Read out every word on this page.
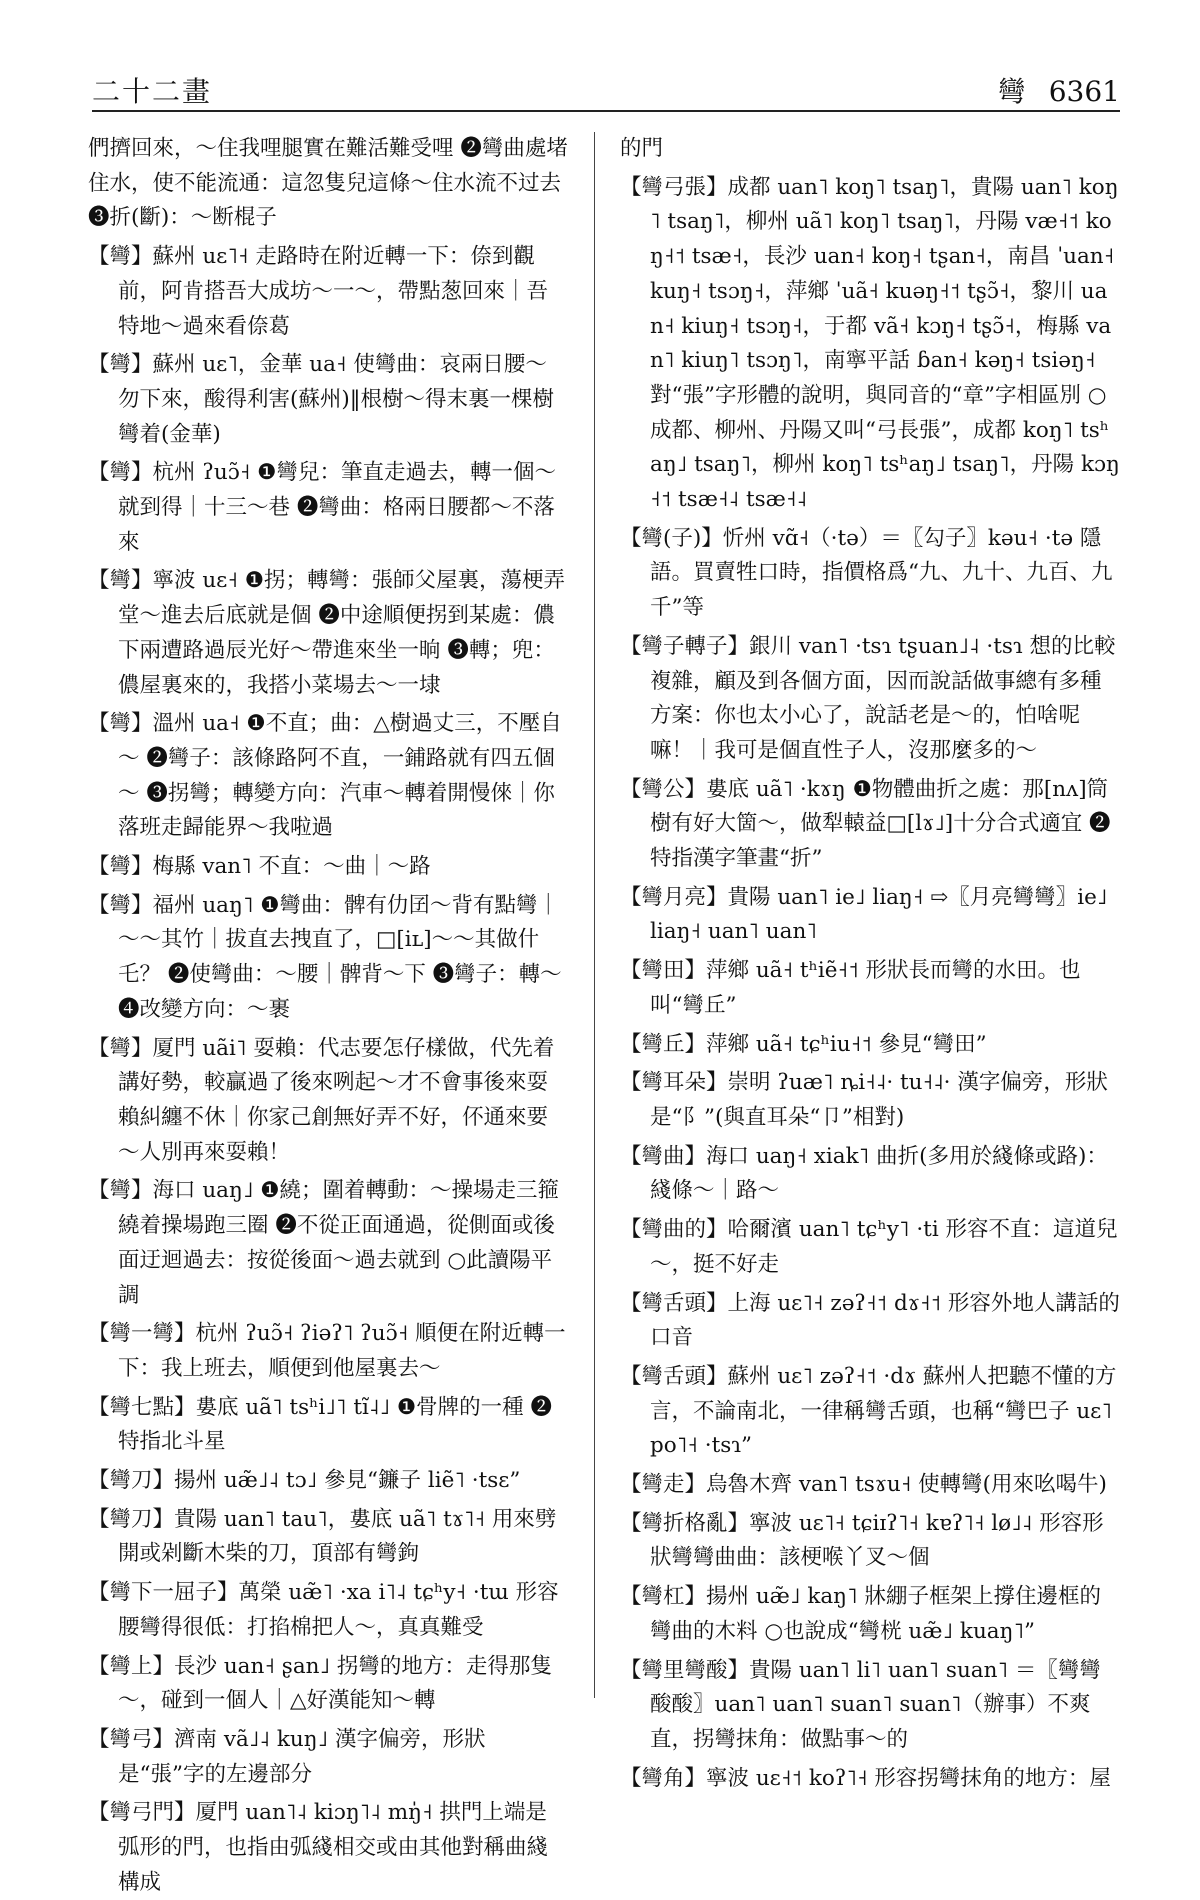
二十二畫	彎 6361

們擠回來，～住我哩腿實在難活難受哩 ❷彎曲處堵住水，使不能流通：這忽隻兒這條～住水流不过去 ❸折(斷)：～断棍子

【彎】蘇州 uɛ˥˧ 走路時在附近轉一下：倷到觀前，阿肯搭吾大成坊～一～，帶點葱回來｜吾特地～過來看倷葛

【彎】蘇州 uɛ˥，金華 ua˧ 使彎曲：哀兩日腰～勿下來，酸得利害(蘇州)‖根樹～得末裏一棵樹彎着(金華)

【彎】杭州 ʔuɔ̃˧ ❶彎兒：筆直走過去，轉一個～就到得｜十三～巷 ❷彎曲：格兩日腰都～不落來

【彎】寧波 uɛ˧ ❶拐；轉彎：張師父屋裏，蕩梗弄堂～進去后底就是個 ❷中途順便拐到某處：儂下兩遭路過辰光好～帶進來坐一晌 ❸轉；兜：儂屋裏來的，我搭小菜場去～一埭

【彎】溫州 ua˧ ❶不直；曲：△樹過丈三，不壓自～ ❷彎子：該條路阿不直，一鋪路就有四五個～ ❸拐彎；轉變方向：汽車～轉着開慢倈｜你落班走歸能界～我啦過

【彎】梅縣 van˥ 不直：～曲｜～路

【彎】福州 uaŋ˥ ❶彎曲：髀有仂囝～背有點彎｜～～其竹｜拔直去拽直了，□[iʟ]～～其做什乇？ ❷使彎曲：～腰｜髀背～下 ❸彎子：轉～ ❹改變方向：～裹

【彎】厦門 uãi˥ 耍賴：代志要怎仔樣做，代先着講好勢，較贏過了後來咧起～才不會事後來耍賴糾纏不休｜你家己創無好弄不好，伓通來要～人別再來耍賴！

【彎】海口 uaŋ˩ ❶繞；圍着轉動：～操場走三箍繞着操場跑三圈 ❷不從正面通過，從側面或後面迂迴過去：按從後面～過去就到 ○此讀陽平調

【彎一彎】杭州 ʔuɔ̃˧ ʔiəʔ˥ ʔuɔ̃˧ 順便在附近轉一下：我上班去，順便到他屋裏去～

【彎七點】婁底 uã˥ tsʰi˩˥ tĩ˨˩ ❶骨牌的一種 ❷特指北斗星

【彎刀】揚州 uæ̃˩˨ tɔ˩ 參見“鐮子 liẽ˥ ·tsɛ”

【彎刀】貴陽 uan˥ tau˥，婁底 uã˥ tɤ˥˧ 用來劈開或剁斷木柴的刀，頂部有彎鉤

【彎下一屈子】萬榮 uæ̃˥ ·xa i˥˨ tɕʰy˧ ·tɯ 形容腰彎得很低：打掐棉把人～，真真難受

【彎上】長沙 uan˧ ʂan˩ 拐彎的地方：走得那隻～，碰到一個人｜△好漢能知～轉

【彎弓】濟南 vã˩˨ kuŋ˩ 漢字偏旁，形狀是“張”字的左邊部分

【彎弓門】厦門 uan˥˨ kiɔŋ˥˨ mŋ̍˧ 拱門上端是弧形的門，也指由弧綫相交或由其他對稱曲綫構成

的門

【彎弓張】成都 uan˥ koŋ˥ tsaŋ˥，貴陽 uan˥ koŋ˥ tsaŋ˥，柳州 uã˥ koŋ˥ tsaŋ˥，丹陽 væ˧˦ koŋ˧˦ tsæ˧，長沙 uan˧ koŋ˧ tʂan˧，南昌 ˈuan˧ kuŋ˧ tsɔŋ˧，萍鄉 ˈuã˧ kuəŋ˧˦ tʂɔ̃˧，黎川 uan˧ kiuŋ˧ tsɔŋ˧，于都 vã˧ kɔŋ˧ tʂɔ̃˧，梅縣 van˥ kiuŋ˥ tsɔŋ˥，南寧平話 ɓan˧ kəŋ˧ tsiəŋ˧ 對“張”字形體的說明，與同音的“章”字相區別 ○成都、柳州、丹陽又叫“弓長張”，成都 koŋ˥ tsʰaŋ˩ tsaŋ˥，柳州 koŋ˥ tsʰaŋ˩ tsaŋ˥，丹陽 kɔŋ˧˦ tsæ˧˨ tsæ˧˨

【彎(子)】忻州 vɑ̃˧（·tə）＝〖勾子〗kəu˧ ·tə 隱語。買賣牲口時，指價格爲“九、九十、九百、九千”等

【彎子轉子】銀川 van˥ ·tsɿ tʂuan˩˨ ·tsɿ 想的比較複雜，顧及到各個方面，因而說話做事總有多種方案：你也太小心了，說話老是～的，怕啥呢嘛！｜我可是個直性子人，沒那麼多的～

【彎公】婁底 uã˥ ·kɤŋ ❶物體曲折之處：那[nʌ]筒樹有好大箇～，做犁轅益□[lɤ˩]十分合式適宜 ❷特指漢字筆畫“折”

【彎月亮】貴陽 uan˥ ie˩ liaŋ˧ ⇨〖月亮彎彎〗ie˩ liaŋ˧ uan˥ uan˥

【彎田】萍鄉 uã˧ tʰiẽ˧˦ 形狀長而彎的水田。也叫“彎丘”

【彎丘】萍鄉 uã˧ tɕʰiu˧˦ 參見“彎田”

【彎耳朵】崇明 ʔuæ˥ ȵi˧˨· tu˧˨· 漢字偏旁，形狀是“阝”(與直耳朵“卩”相對)

【彎曲】海口 uaŋ˧ xiak˥ 曲折(多用於綫條或路)：綫條～｜路～

【彎曲的】哈爾濱 uan˥ tɕʰy˥ ·ti 形容不直：這道兒～，挺不好走

【彎舌頭】上海 uɛ˥˧ zəʔ˧˦ dɤ˧˦ 形容外地人講話的口音

【彎舌頭】蘇州 uɛ˥ zəʔ˧˦ ·dɤ 蘇州人把聽不懂的方言，不論南北，一律稱彎舌頭，也稱“彎巴子 uɛ˥ po˥˧ ·tsɿ”

【彎走】烏魯木齊 van˥ tsɤu˧ 使轉彎(用來吆喝牛)

【彎折格亂】寧波 uɛ˥˧ tɕiɪʔ˥˧ kɐʔ˥˧ lø˩˨ 形容形狀彎彎曲曲：該梗喉丫叉～個

【彎杠】揚州 uæ̃˩ kaŋ˥ 牀綳子框架上撐住邊框的彎曲的木料 ○也說成“彎桄 uæ̃˩ kuaŋ˥”

【彎里彎酸】貴陽 uan˥ li˥ uan˥ suan˥ ＝〖彎彎酸酸〗uan˥ uan˥ suan˥ suan˥（辦事）不爽直，拐彎抹角：做點事～的

【彎角】寧波 uɛ˧˦ koʔ˥˧ 形容拐彎抹角的地方：屋
